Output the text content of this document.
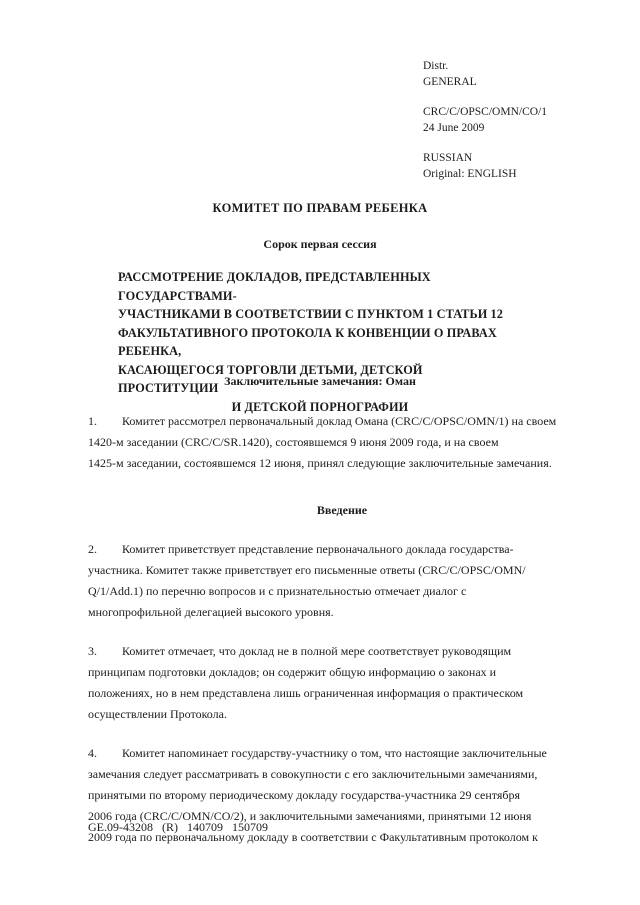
Distr.
GENERAL
CRC/C/OPSC/OMN/CO/1
24 June 2009
RUSSIAN
Original: ENGLISH
КОМИТЕТ ПО ПРАВАМ РЕБЕНКА
Сорок первая сессия
РАССМОТРЕНИЕ ДОКЛАДОВ, ПРЕДСТАВЛЕННЫХ ГОСУДАРСТВАМИ-
УЧАСТНИКАМИ В СООТВЕТСТВИИ С ПУНКТОМ 1 СТАТЬИ 12
ФАКУЛЬТАТИВНОГО ПРОТОКОЛА К КОНВЕНЦИИ О ПРАВАХ РЕБЕНКА,
КАСАЮЩЕГОСЯ ТОРГОВЛИ ДЕТЬМИ, ДЕТСКОЙ ПРОСТИТУЦИИ
И ДЕТСКОЙ ПОРНОГРАФИИ
Заключительные замечания: Оман
1.	Комитет рассмотрел первоначальный доклад Омана (CRC/C/OPSC/OMN/1) на своем
1420-м заседании (CRC/C/SR.1420), состоявшемся 9 июня 2009 года, и на своем
1425-м заседании, состоявшемся 12 июня, принял следующие заключительные замечания.
Введение
2.	Комитет приветствует представление первоначального доклада государства-
участника. Комитет также приветствует его письменные ответы (CRC/C/OPSC/OMN/
Q/1/Add.1) по перечню вопросов и с признательностью отмечает диалог с
многопрофильной делегацией высокого уровня.
3.	Комитет отмечает, что доклад не в полной мере соответствует руководящим
принципам подготовки докладов; он содержит общую информацию о законах и
положениях, но в нем представлена лишь ограниченная информация о практическом
осуществлении Протокола.
4.	Комитет напоминает государству-участнику о том, что настоящие заключительные
замечания следует рассматривать в совокупности с его заключительными замечаниями,
принятыми по второму периодическому докладу государства-участника 29 сентября
2006 года (CRC/C/OMN/CO/2), и заключительными замечаниями, принятыми 12 июня
2009 года по первоначальному докладу в соответствии с Факультативным протоколом к
GE.09-43208   (R)   140709   150709
